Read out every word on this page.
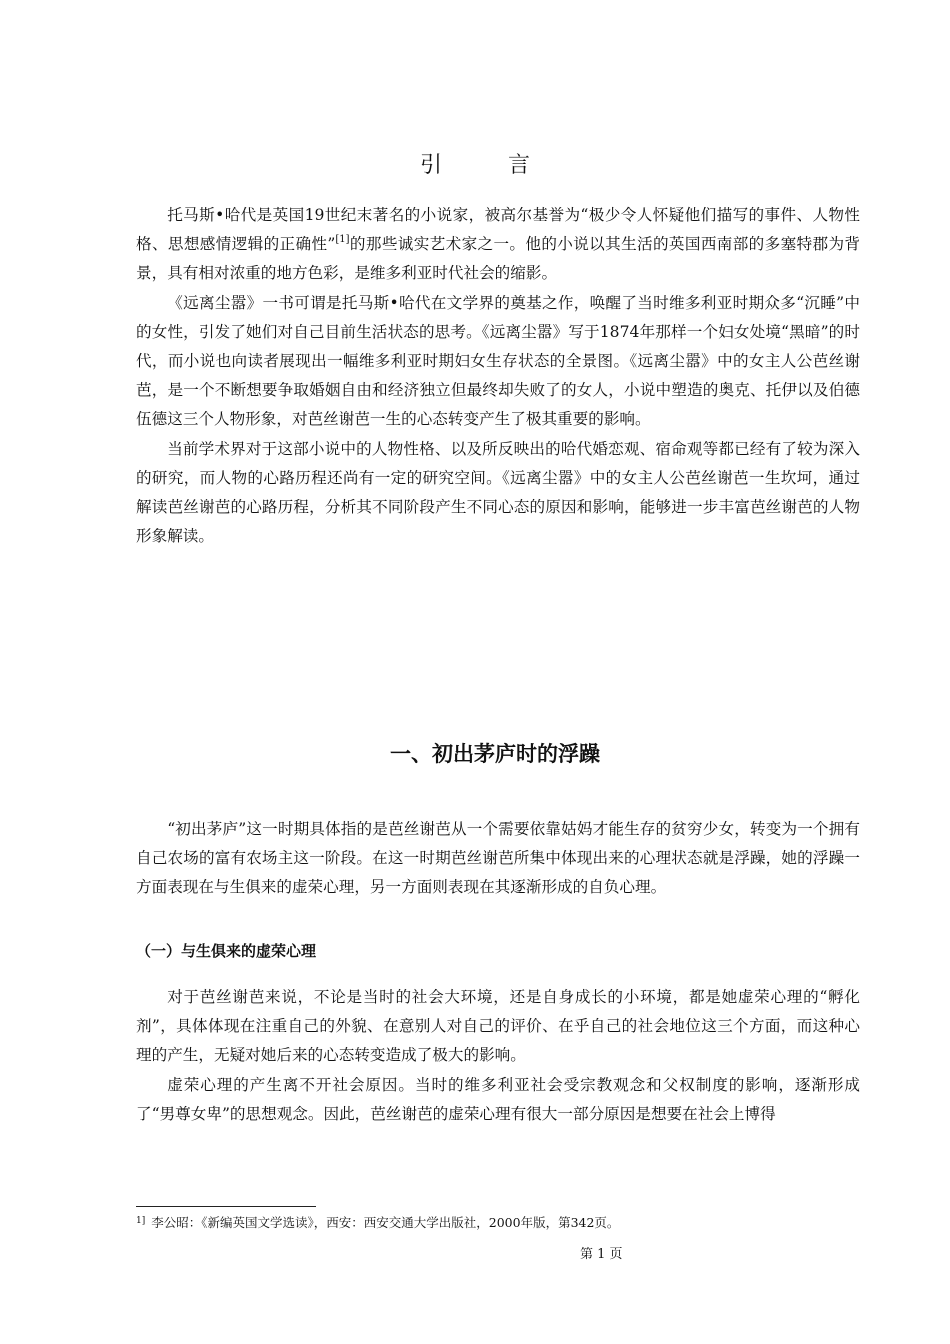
引　言

托马斯•哈代是英国19世纪末著名的小说家，被高尔基誉为“极少令人怀疑他们描写的事件、人物性格、思想感情逻辑的正确性”[1]的那些诚实艺术家之一。他的小说以其生活的英国西南部的多塞特郡为背景，具有相对浓重的地方色彩，是维多利亚时代社会的缩影。

《远离尘嚣》一书可谓是托马斯•哈代在文学界的奠基之作，唤醒了当时维多利亚时期众多“沉睡”中的女性，引发了她们对自己目前生活状态的思考。《远离尘嚣》写于1874年那样一个妇女处境“黑暗”的时代，而小说也向读者展现出一幅维多利亚时期妇女生存状态的全景图。《远离尘嚣》中的女主人公芭丝谢芭，是一个不断想要争取婚姻自由和经济独立但最终却失败了的女人，小说中塑造的奥克、托伊以及伯德伍德这三个人物形象，对芭丝谢芭一生的心态转变产生了极其重要的影响。

当前学术界对于这部小说中的人物性格、以及所反映出的哈代婚恋观、宿命观等都已经有了较为深入的研究，而人物的心路历程还尚有一定的研究空间。《远离尘嚣》中的女主人公芭丝谢芭一生坎坷，通过解读芭丝谢芭的心路历程，分析其不同阶段产生不同心态的原因和影响，能够进一步丰富芭丝谢芭的人物形象解读。

一、初出茅庐时的浮躁

“初出茅庐”这一时期具体指的是芭丝谢芭从一个需要依靠姑妈才能生存的贫穷少女，转变为一个拥有自己农场的富有农场主这一阶段。在这一时期芭丝谢芭所集中体现出来的心理状态就是浮躁，她的浮躁一方面表现在与生俱来的虚荣心理，另一方面则表现在其逐渐形成的自负心理。

（一）与生俱来的虚荣心理

对于芭丝谢芭来说，不论是当时的社会大环境，还是自身成长的小环境，都是她虚荣心理的“孵化剂”，具体体现在注重自己的外貌、在意别人对自己的评价、在乎自己的社会地位这三个方面，而这种心理的产生，无疑对她后来的心态转变造成了极大的影响。

虚荣心理的产生离不开社会原因。当时的维多利亚社会受宗教观念和父权制度的影响，逐渐形成了“男尊女卑”的思想观念。因此，芭丝谢芭的虚荣心理有很大一部分原因是想要在社会上博得

$^{1]}$ 李公昭：《新编英国文学选读》，西安：西安交通大学出版社，2000年版，第342页。
第 1 页
